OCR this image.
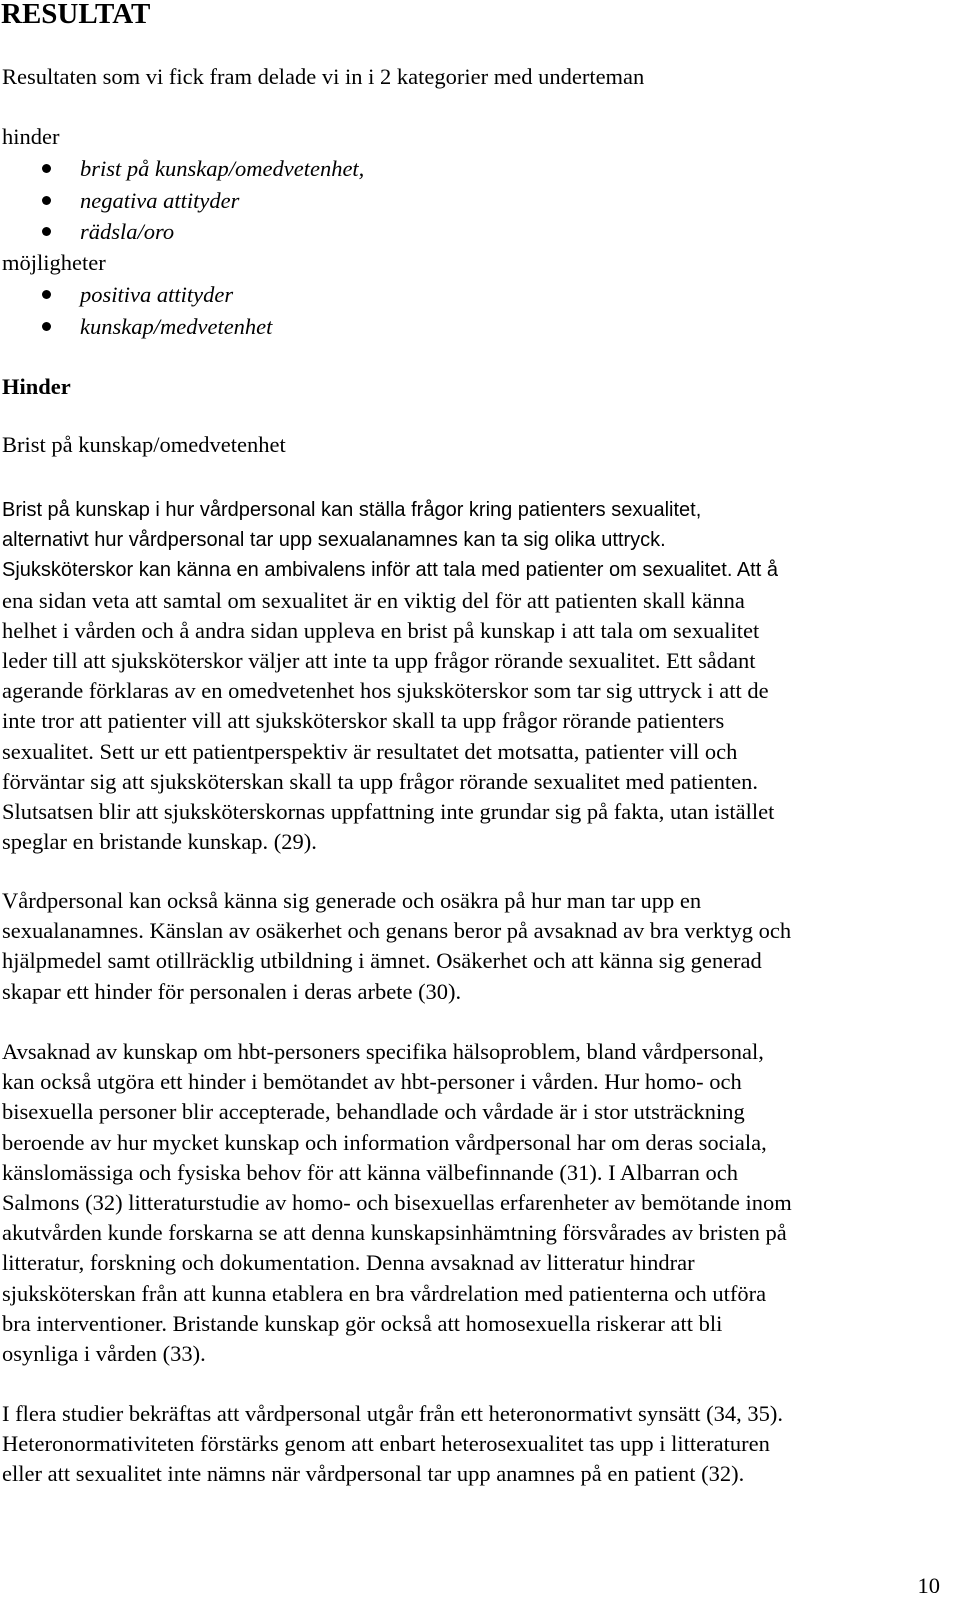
RESULTAT

Resultaten som vi fick fram delade vi in i 2 kategorier med underteman

hinder

brist på kunskap/omedvetenhet,
negativa attityder
rädsla/oro

möjligheter

positiva attityder
kunskap/medvetenhet
Hinder

Brist på kunskap/omedvetenhet

Brist på kunskap i hur vårdpersonal kan ställa frågor kring patienters sexualitet,
alternativt hur vårdpersonal tar upp sexualanamnes kan ta sig olika uttryck.
Sjuksköterskor kan känna en ambivalens inför att tala med patienter om sexualitet. Att å
ena sidan veta att samtal om sexualitet är en viktig del för att patienten skall känna
helhet i vården och å andra sidan uppleva en brist på kunskap i att tala om sexualitet
leder till att sjuksköterskor väljer att inte ta upp frågor rörande sexualitet. Ett sådant
agerande förklaras av en omedvetenhet hos sjuksköterskor som tar sig uttryck i att de
inte tror att patienter vill att sjuksköterskor skall ta upp frågor rörande patienters
sexualitet. Sett ur ett patientperspektiv är resultatet det motsatta, patienter vill och
förväntar sig att sjuksköterskan skall ta upp frågor rörande sexualitet med patienten.
Slutsatsen blir att sjuksköterskornas uppfattning inte grundar sig på fakta, utan istället
speglar en bristande kunskap. (29).
Vårdpersonal kan också känna sig generade och osäkra på hur man tar upp en
sexualanamnes. Känslan av osäkerhet och genans beror på avsaknad av bra verktyg och
hjälpmedel samt otillräcklig utbildning i ämnet. Osäkerhet och att känna sig generad
skapar ett hinder för personalen i deras arbete (30).
Avsaknad av kunskap om hbt-personers specifika hälsoproblem, bland vårdpersonal,
kan också utgöra ett hinder i bemötandet av hbt-personer i vården. Hur homo- och
bisexuella personer blir accepterade, behandlade och vårdade är i stor utsträckning
beroende av hur mycket kunskap och information vårdpersonal har om deras sociala,
känslomässiga och fysiska behov för att känna välbefinnande (31). I Albarran och
Salmons (32) litteraturstudie av homo- och bisexuellas erfarenheter av bemötande inom
akutvården kunde forskarna se att denna kunskapsinhämtning försvårades av bristen på
litteratur, forskning och dokumentation. Denna avsaknad av litteratur hindrar
sjuksköterskan från att kunna etablera en bra vårdrelation med patienterna och utföra
bra interventioner. Bristande kunskap gör också att homosexuella riskerar att bli
osynliga i vården (33).
I flera studier bekräftas att vårdpersonal utgår från ett heteronormativt synsätt (34, 35).
Heteronormativiteten förstärks genom att enbart heterosexualitet tas upp i litteraturen
eller att sexualitet inte nämns när vårdpersonal tar upp anamnes på en patient (32).

10
